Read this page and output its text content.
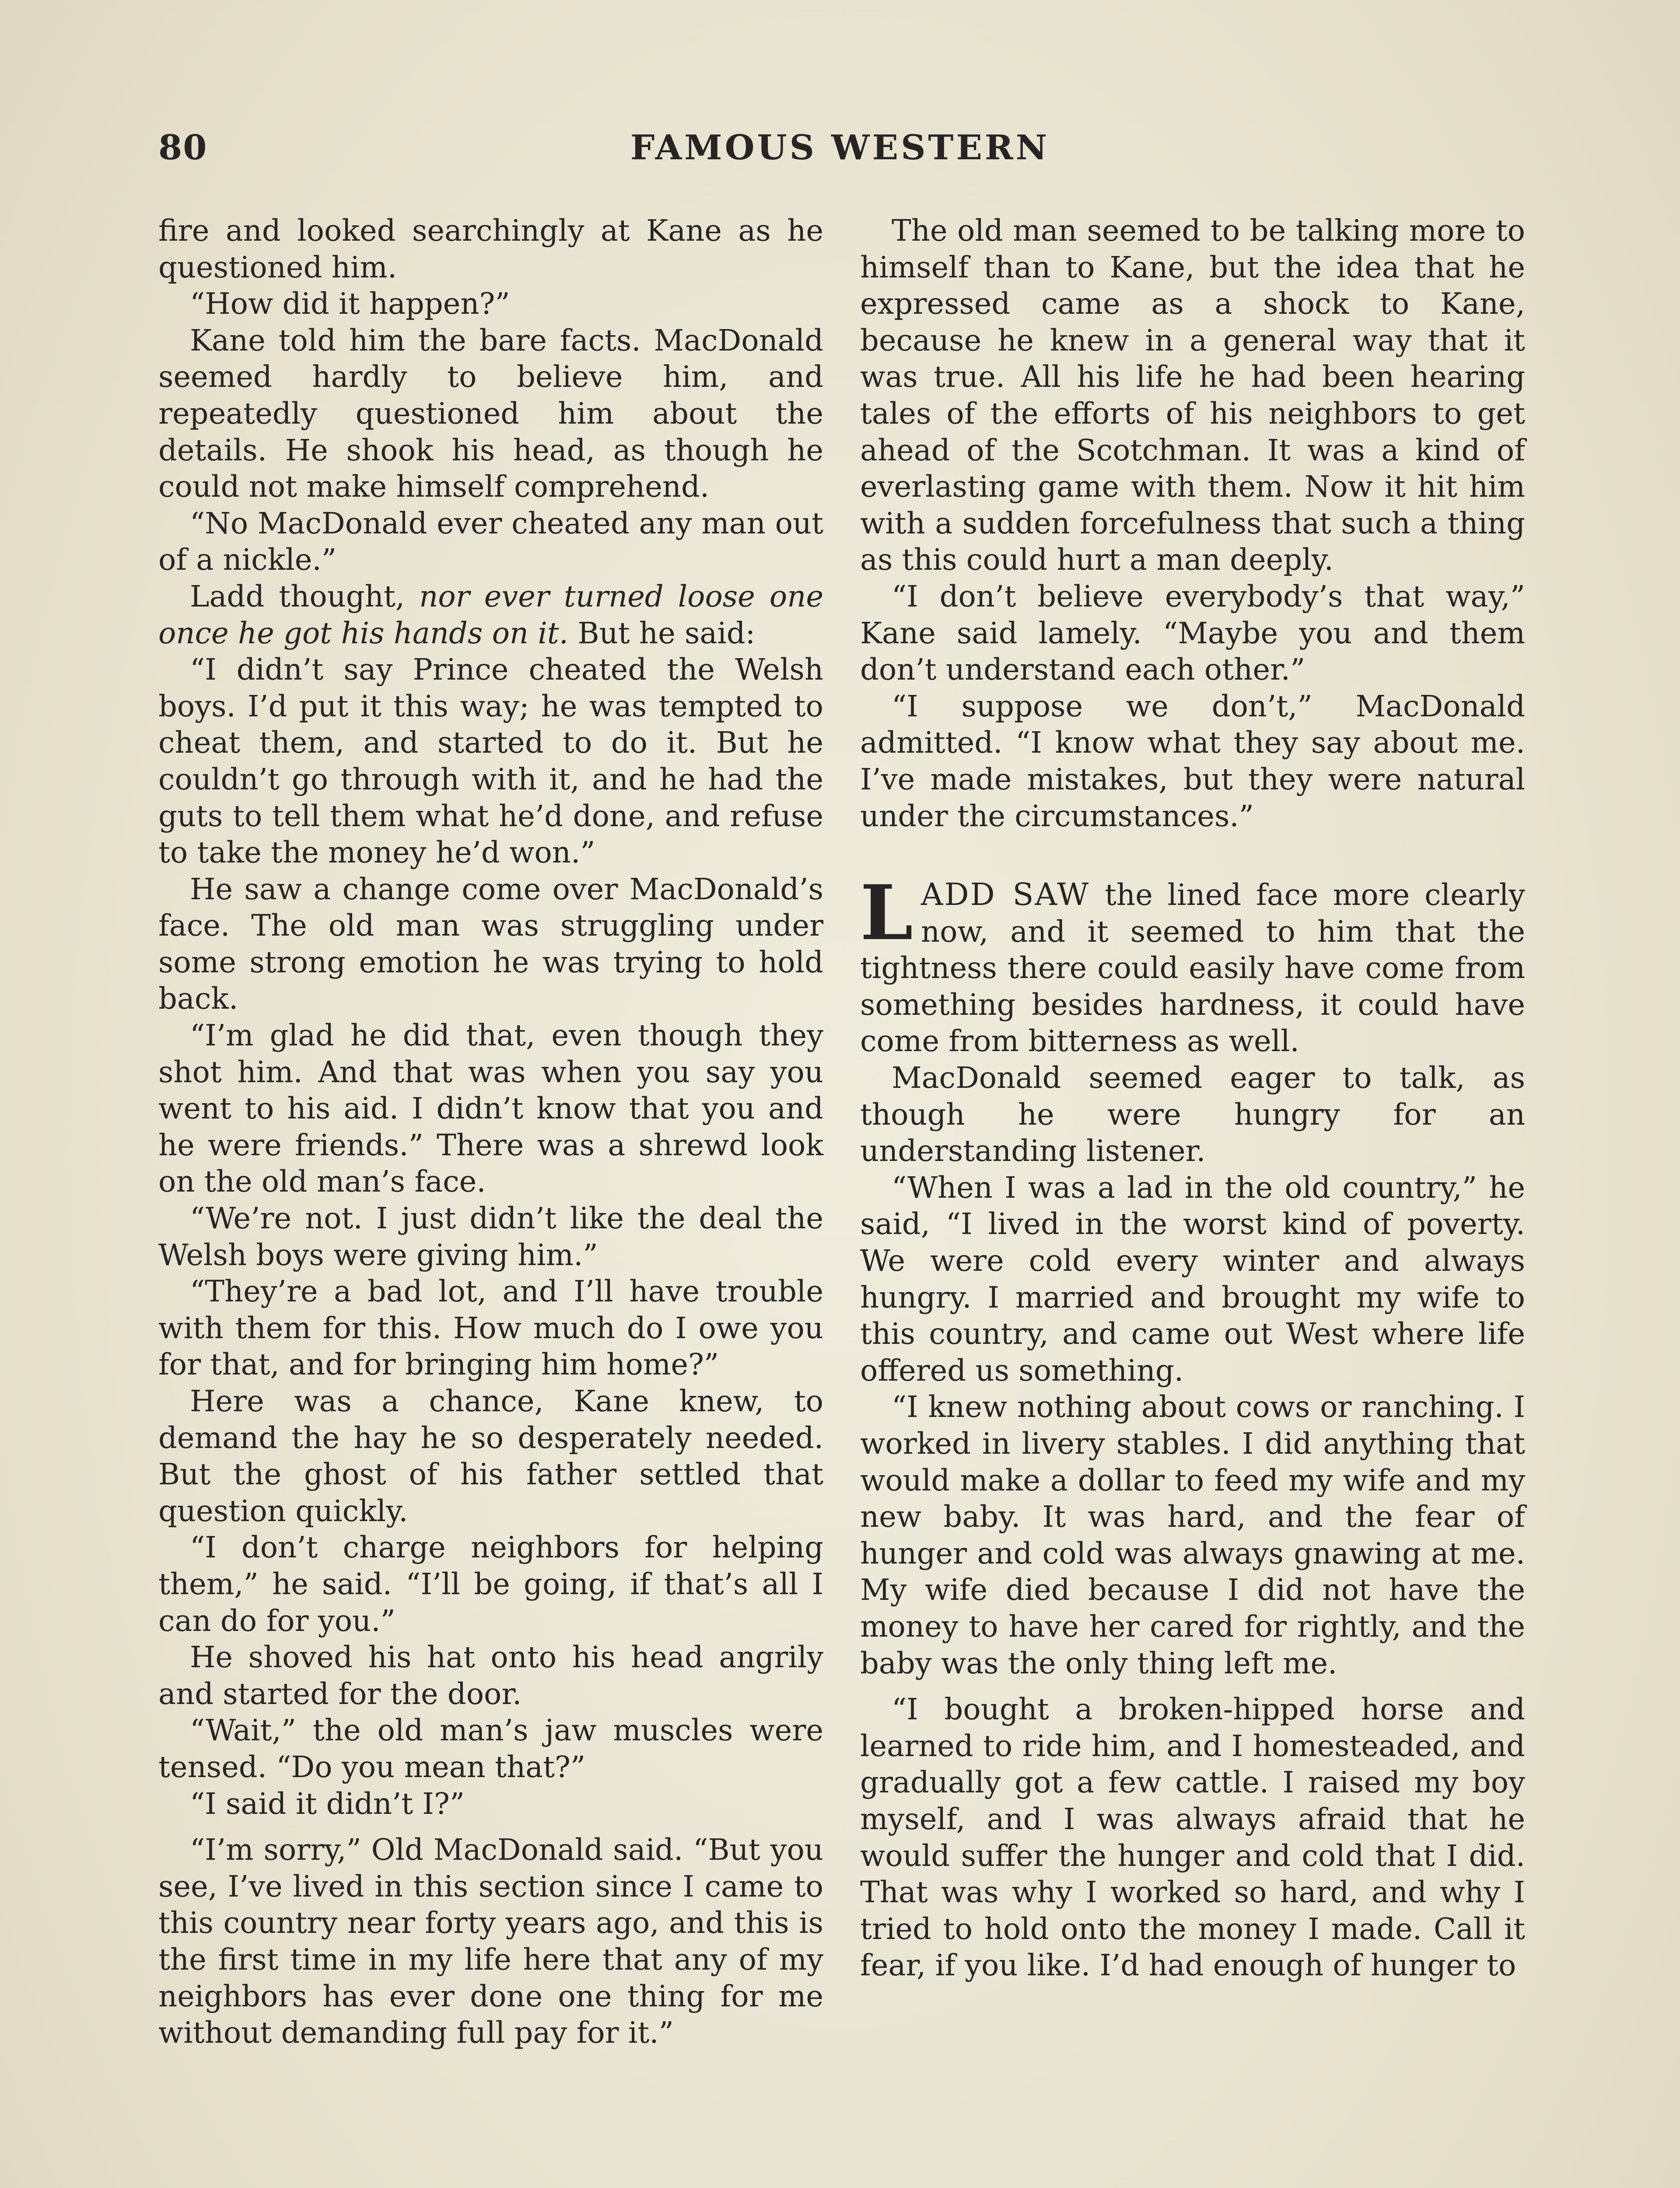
80	FAMOUS WESTERN

fire and looked searchingly at Kane as he questioned him.

“How did it happen?”

Kane told him the bare facts. MacDonald seemed hardly to believe him, and repeatedly questioned him about the details. He shook his head, as though he could not make himself comprehend.

“No MacDonald ever cheated any man out of a nickle.”

Ladd thought, nor ever turned loose one once he got his hands on it. But he said:

“I didn’t say Prince cheated the Welsh boys. I’d put it this way; he was tempted to cheat them, and started to do it. But he couldn’t go through with it, and he had the guts to tell them what he’d done, and refuse to take the money he’d won.”

He saw a change come over MacDonald’s face. The old man was struggling under some strong emotion he was trying to hold back.

“I’m glad he did that, even though they shot him. And that was when you say you went to his aid. I didn’t know that you and he were friends.” There was a shrewd look on the old man’s face.

“We’re not. I just didn’t like the deal the Welsh boys were giving him.”

“They’re a bad lot, and I’ll have trouble with them for this. How much do I owe you for that, and for bringing him home?”

Here was a chance, Kane knew, to demand the hay he so desperately needed. But the ghost of his father settled that question quickly.

“I don’t charge neighbors for helping them,” he said. “I’ll be going, if that’s all I can do for you.”

He shoved his hat onto his head angrily and started for the door.

“Wait,” the old man’s jaw muscles were tensed. “Do you mean that?”

“I said it didn’t I?”

“I’m sorry,” Old MacDonald said. “But you see, I’ve lived in this section since I came to this country near forty years ago, and this is the first time in my life here that any of my neighbors has ever done one thing for me without demanding full pay for it.”

The old man seemed to be talking more to himself than to Kane, but the idea that he expressed came as a shock to Kane, because he knew in a general way that it was true. All his life he had been hearing tales of the efforts of his neighbors to get ahead of the Scotchman. It was a kind of everlasting game with them. Now it hit him with a sudden forcefulness that such a thing as this could hurt a man deeply.

“I don’t believe everybody’s that way,” Kane said lamely. “Maybe you and them don’t understand each other.”

“I suppose we don’t,” MacDonald admitted. “I know what they say about me. I’ve made mistakes, but they were natural under the circumstances.”

LADD SAW the lined face more clearly now, and it seemed to him that the tightness there could easily have come from something besides hardness, it could have come from bitterness as well.

MacDonald seemed eager to talk, as though he were hungry for an understanding listener.

“When I was a lad in the old country,” he said, “I lived in the worst kind of poverty. We were cold every winter and always hungry. I married and brought my wife to this country, and came out West where life offered us something.

“I knew nothing about cows or ranching. I worked in livery stables. I did anything that would make a dollar to feed my wife and my new baby. It was hard, and the fear of hunger and cold was always gnawing at me. My wife died because I did not have the money to have her cared for rightly, and the baby was the only thing left me.

“I bought a broken-hipped horse and learned to ride him, and I homesteaded, and gradually got a few cattle. I raised my boy myself, and I was always afraid that he would suffer the hunger and cold that I did. That was why I worked so hard, and why I tried to hold onto the money I made. Call it fear, if you like. I’d had enough of hunger to
